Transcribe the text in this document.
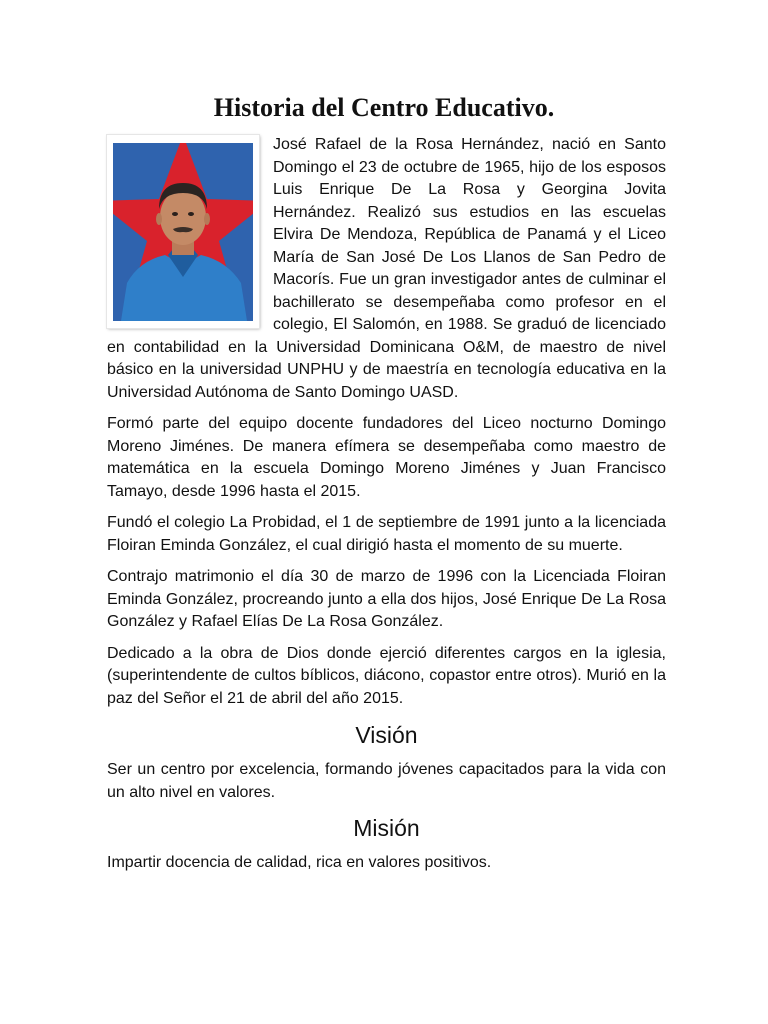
Historia del Centro Educativo.

José Rafael de la Rosa Hernández, nació en Santo Domingo el 23 de octubre de 1965, hijo de los esposos Luis Enrique De La Rosa y Georgina Jovita Hernández. Realizó sus estudios en las escuelas Elvira De Mendoza, República de Panamá y el Liceo María de San José De Los Llanos de San Pedro de Macorís. Fue un gran investigador antes de culminar el bachillerato se desempeñaba como profesor en el colegio, El Salomón, en 1988. Se graduó de licenciado en contabilidad en la Universidad Dominicana O&M, de maestro de nivel básico en la universidad UNPHU y de maestría en tecnología educativa en la Universidad Autónoma de Santo Domingo UASD.

Formó parte del equipo docente fundadores del Liceo nocturno Domingo Moreno Jiménes. De manera efímera se desempeñaba como maestro de matemática en la escuela Domingo Moreno Jiménes y Juan Francisco Tamayo, desde 1996 hasta el 2015.

Fundó el colegio La Probidad, el 1 de septiembre de 1991 junto a la licenciada Floiran Eminda González, el cual dirigió hasta el momento de su muerte.

Contrajo matrimonio el día 30 de marzo de 1996 con la Licenciada Floiran Eminda González, procreando junto a ella dos hijos, José Enrique De La Rosa González y Rafael Elías De La Rosa González.

Dedicado a la obra de Dios donde ejerció diferentes cargos en la iglesia, (superintendente de cultos bíblicos, diácono, copastor entre otros). Murió en la paz del Señor el 21 de abril del año 2015.

Visión

Ser un centro por excelencia, formando jóvenes capacitados para la vida con un alto nivel en valores.

Misión

Impartir docencia de calidad, rica en valores positivos.
